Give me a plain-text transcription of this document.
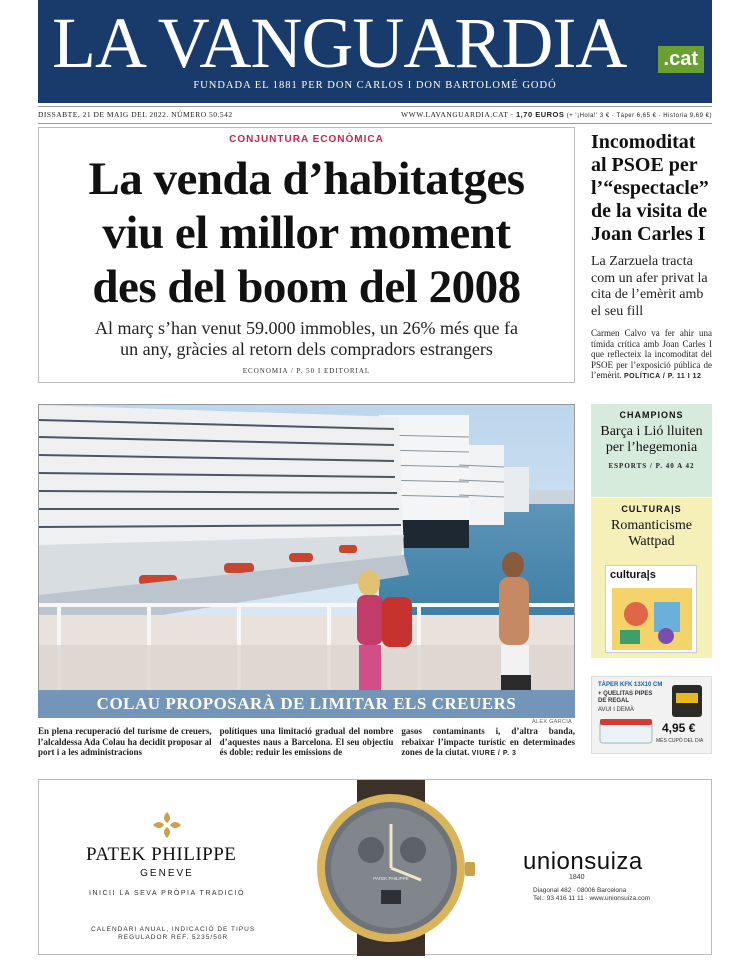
LA VANGUARDIA	.cat
FUNDADA EL 1881 PER DON CARLOS I DON BARTOLOMÉ GODÓ
DISSABTE, 21 DE MAIG DEL 2022. NÚMERO 50.542	WWW.LAVANGUARDIA.CAT · 1,70 EUROS (+ '¡Hola!' 3 € · Táper 6,65 € · Historia 9,69 €)
CONJUNTURA ECONÒMICA
La venda d’habitatges
viu el millor moment
des del boom del 2008
Al març s’han venut 59.000 immobles, un 26% més que fa
un any, gràcies al retorn dels compradors estrangers
ECONOMIA / P. 50 I EDITORIAL
Incomoditat al PSOE per l’“espectacle” de la visita de Joan Carles I
La Zarzuela tracta com un afer privat la cita de l’emèrit amb el seu fill
Carmen Calvo va fer ahir una tímida crítica amb Joan Carles I que reflecteix la incomoditat del PSOE per l’exposició pública de l’emèrit. POLÍTICA / P. 11 I 12
COLAU PROPOSARÀ DE LIMITAR ELS CREUERS
ÀLEX GARCIA
En plena recuperació del turisme de creuers, l’alcaldessa Ada Colau ha decidit proposar al port i a les administracions
polítiques una limitació gradual del nombre d’aquestes naus a Barcelona. El seu objectiu és doble: reduir les emissions de
gasos contaminants i, d’altra banda, rebaixar l’impacte turístic en determinades zones de la ciutat. VIURE / P. 3
CHAMPIONS
Barça i Lió lluiten per l’hegemonia
ESPORTS / P. 40 A 42
CULTURA|S
Romanticisme Wattpad
cultura|s
TÀPER KFK 13X10 CM
+ QUELITAS PIPES DE REGAL
AVUI I DEMÀ
4,95 €
MÉS CUPÓ DEL DIA
PATEK PHILIPPE
GENEVE
INICII LA SEVA PRÒPIA TRADICIÓ
CALENDARI ANUAL, INDICACIÓ DE TIPUS
REGULADOR REF. 5235/50R
PATEK PHILIPPE
unionsuiza
1840
Diagonal 482 · 08006 Barcelona
Tel.: 93 416 11 11 · www.unionsuiza.com
